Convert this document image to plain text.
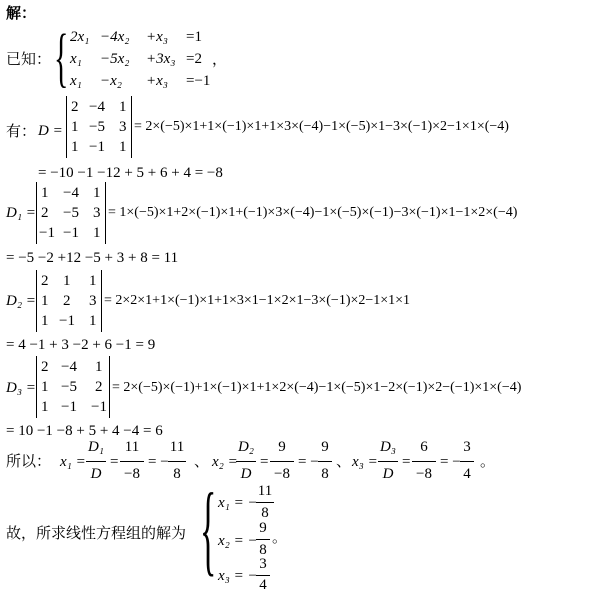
解：
已知： { 2x₁ −4x₂ +x₃ =1
x₁ −5x₂ +3x₃ =2 ，
x₁ −x₂ +x₃ =−1
有： D =
2 −4 1
1 −5 3
1 −1 1
= 2×(−5)×1+1×(−1)×1+1×3×(−4)−1×(−5)×1−3×(−1)×2−1×1×(−4)
= −10 −1 −12 + 5 + 6 + 4 = −8
D₁ =
1 −4 1
2 −5 3
−1 −1 1
= 1×(−5)×1+2×(−1)×1+(−1)×3×(−4)−1×(−5)×(−1)−3×(−1)×1−1×2×(−4)
= −5 −2 +12 −5 + 3 + 8 = 11
D₂ =
2 1 1
1 2 3
1 −1 1
= 2×2×1+1×(−1)×1+1×3×1−1×2×1−3×(−1)×2−1×1×1
= 4 −1 + 3 −2 + 6 −1 = 9
D₃ =
2 −4 1
1 −5 2
1 −1 −1
= 2×(−5)×(−1)+1×(−1)×1+1×2×(−4)−1×(−5)×1−2×(−1)×2−(−1)×1×(−4)
= 10 −1 −8 + 5 + 4 −4 = 6
所以： x₁ =
D₁
D
=
11
−8
= −
11
8
、 x₂ =
D₂
D
=
9
−8
= −
9
8
、 x₃ =
D₃
D
=
6
−8
= −
3
4
。
故，所求线性方程组的解为 { x₁ = −
11
8
x₂ = −
9
8
。
x₃ = −
3
4
